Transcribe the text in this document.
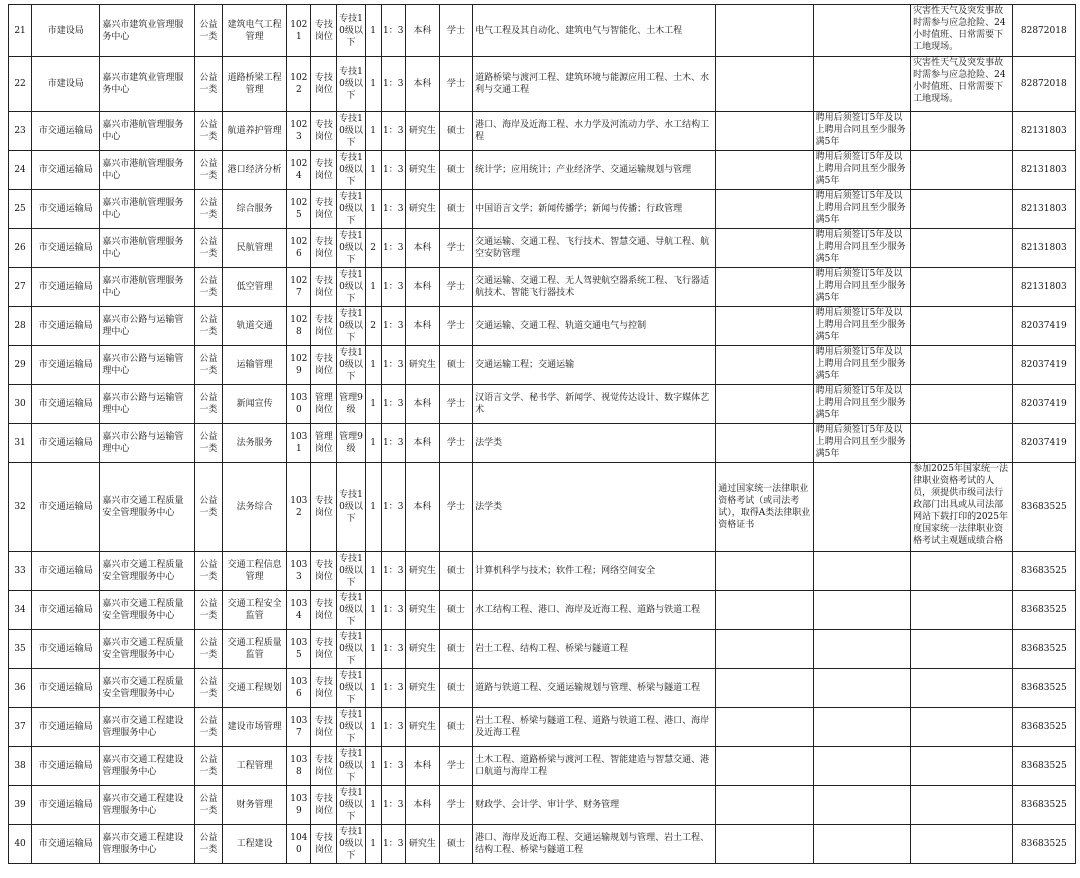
21	市建设局	嘉兴市建筑业管理服务中心	公益一类	建筑电气工程管理	1021	专技岗位	专技10级以下	1	1：3	本科	学士	电气工程及其自动化、建筑电气与智能化、土木工程			灾害性天气及突发事故时需参与应急抢险、24小时值班、日常需要下工地现场。	82872018
22	市建设局	嘉兴市建筑业管理服务中心	公益一类	道路桥梁工程管理	1022	专技岗位	专技10级以下	1	1：3	本科	学士	道路桥梁与渡河工程、建筑环境与能源应用工程、土木、水利与交通工程			灾害性天气及突发事故时需参与应急抢险、24小时值班、日常需要下工地现场。	82872018
23	市交通运输局	嘉兴市港航管理服务中心	公益一类	航道养护管理	1023	专技岗位	专技10级以下	1	1：3	研究生	硕士	港口、海岸及近海工程、水力学及河流动力学、水工结构工程		聘用后须签订5年及以上聘用合同且至少服务满5年		82131803
24	市交通运输局	嘉兴市港航管理服务中心	公益一类	港口经济分析	1024	专技岗位	专技10级以下	1	1：3	研究生	硕士	统计学；应用统计；产业经济学、交通运输规划与管理		聘用后须签订5年及以上聘用合同且至少服务满5年		82131803
25	市交通运输局	嘉兴市港航管理服务中心	公益一类	综合服务	1025	专技岗位	专技10级以下	1	1：3	研究生	硕士	中国语言文学；新闻传播学；新闻与传播；行政管理		聘用后须签订5年及以上聘用合同且至少服务满5年		82131803
26	市交通运输局	嘉兴市港航管理服务中心	公益一类	民航管理	1026	专技岗位	专技10级以下	2	1：3	本科	学士	交通运输、交通工程、飞行技术、智慧交通、导航工程、航空安防管理		聘用后须签订5年及以上聘用合同且至少服务满5年		82131803
27	市交通运输局	嘉兴市港航管理服务中心	公益一类	低空管理	1027	专技岗位	专技10级以下	1	1：3	本科	学士	交通运输、交通工程、无人驾驶航空器系统工程、飞行器适航技术、智能飞行器技术		聘用后须签订5年及以上聘用合同且至少服务满5年		82131803
28	市交通运输局	嘉兴市公路与运输管理中心	公益一类	轨道交通	1028	专技岗位	专技10级以下	2	1：3	本科	学士	交通运输、交通工程、轨道交通电气与控制		聘用后须签订5年及以上聘用合同且至少服务满5年		82037419
29	市交通运输局	嘉兴市公路与运输管理中心	公益一类	运输管理	1029	专技岗位	专技10级以下	1	1：3	研究生	硕士	交通运输工程；交通运输		聘用后须签订5年及以上聘用合同且至少服务满5年		82037419
30	市交通运输局	嘉兴市公路与运输管理中心	公益一类	新闻宣传	1030	管理岗位	管理9级	1	1：3	本科	学士	汉语言文学、秘书学、新闻学、视觉传达设计、数字媒体艺术		聘用后须签订5年及以上聘用合同且至少服务满5年		82037419
31	市交通运输局	嘉兴市公路与运输管理中心	公益一类	法务服务	1031	管理岗位	管理9级	1	1：3	本科	学士	法学类		聘用后须签订5年及以上聘用合同且至少服务满5年		82037419
32	市交通运输局	嘉兴市交通工程质量安全管理服务中心	公益一类	法务综合	1032	专技岗位	专技10级以下	1	1：3	本科	学士	法学类	通过国家统一法律职业资格考试（或司法考试），取得A类法律职业资格证书		参加2025年国家统一法律职业资格考试的人员，须提供市级司法行政部门出具或从司法部网站下载打印的2025年度国家统一法律职业资格考试主观题成绩合格	83683525
33	市交通运输局	嘉兴市交通工程质量安全管理服务中心	公益一类	交通工程信息管理	1033	专技岗位	专技10级以下	1	1：3	研究生	硕士	计算机科学与技术；软件工程；网络空间安全				83683525
34	市交通运输局	嘉兴市交通工程质量安全管理服务中心	公益一类	交通工程安全监管	1034	专技岗位	专技10级以下	1	1：3	研究生	硕士	水工结构工程、港口、海岸及近海工程、道路与铁道工程				83683525
35	市交通运输局	嘉兴市交通工程质量安全管理服务中心	公益一类	交通工程质量监管	1035	专技岗位	专技10级以下	1	1：3	研究生	硕士	岩土工程、结构工程、桥梁与隧道工程				83683525
36	市交通运输局	嘉兴市交通工程质量安全管理服务中心	公益一类	交通工程规划	1036	专技岗位	专技10级以下	1	1：3	研究生	硕士	道路与铁道工程、交通运输规划与管理、桥梁与隧道工程				83683525
37	市交通运输局	嘉兴市交通工程建设管理服务中心	公益一类	建设市场管理	1037	专技岗位	专技10级以下	1	1：3	研究生	硕士	岩土工程、桥梁与隧道工程、道路与铁道工程、港口、海岸及近海工程				83683525
38	市交通运输局	嘉兴市交通工程建设管理服务中心	公益一类	工程管理	1038	专技岗位	专技10级以下	1	1：3	本科	学士	土木工程、道路桥梁与渡河工程、智能建造与智慧交通、港口航道与海岸工程				83683525
39	市交通运输局	嘉兴市交通工程建设管理服务中心	公益一类	财务管理	1039	专技岗位	专技10级以下	1	1：3	本科	学士	财政学、会计学、审计学、财务管理				83683525
40	市交通运输局	嘉兴市交通工程建设管理服务中心	公益一类	工程建设	1040	专技岗位	专技10级以下	1	1：3	研究生	硕士	港口、海岸及近海工程、交通运输规划与管理、岩土工程、结构工程、桥梁与隧道工程				83683525
